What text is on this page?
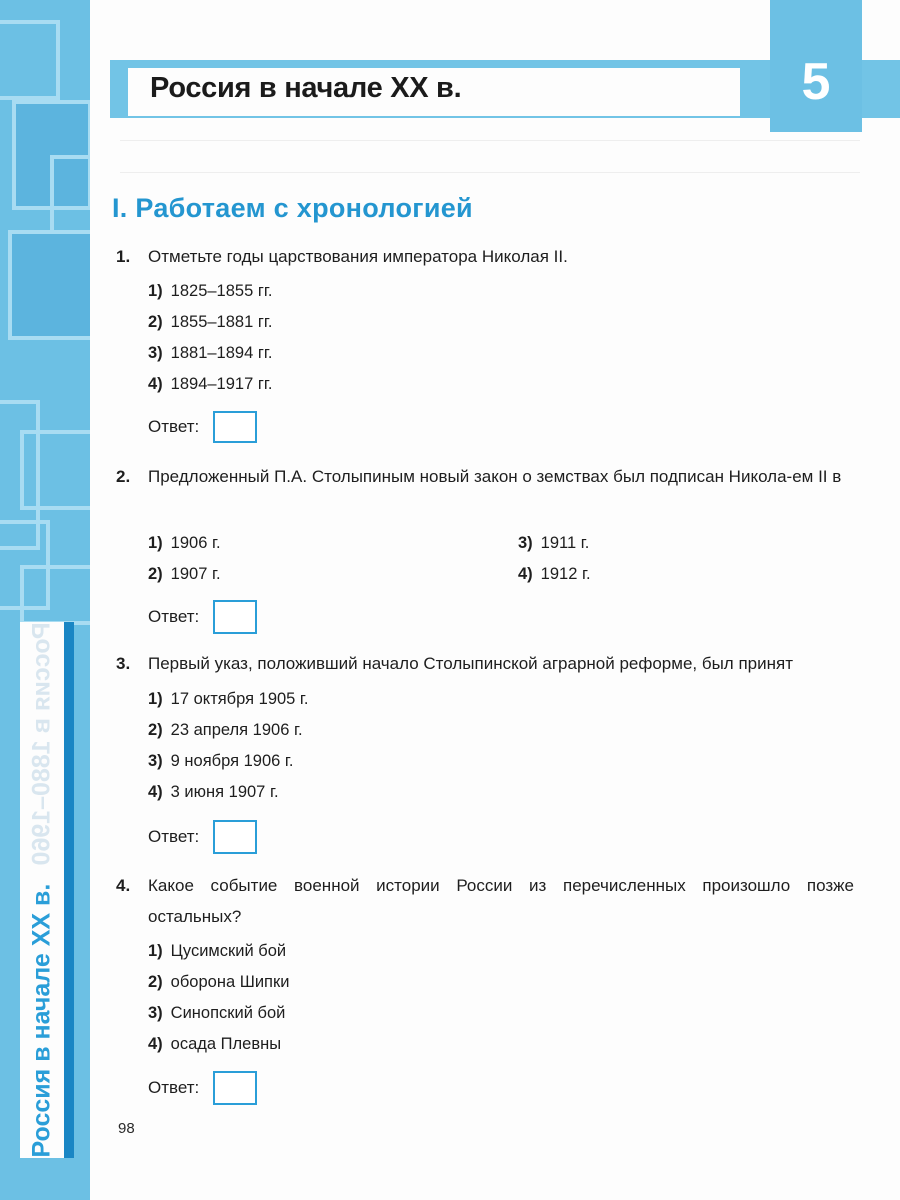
Россия в начале XX в.
Россия в 1880–1960
Россия в начале XX в.	5
I. Работаем с хронологией
1. Отметьте годы царствования императора Николая II.
1) 1825–1855 гг.
2) 1855–1881 гг.
3) 1881–1894 гг.
4) 1894–1917 гг.
Ответ:
2. Предложенный П.А. Столыпиным новый закон о земствах был подписан Никола-ем II в
1) 1906 г.
2) 1907 г.
3) 1911 г.
4) 1912 г.
Ответ:
3. Первый указ, положивший начало Столыпинской аграрной реформе, был принят
1) 17 октября 1905 г.
2) 23 апреля 1906 г.
3) 9 ноября 1906 г.
4) 3 июня 1907 г.
Ответ:
4. Какое событие военной истории России из перечисленных произошло позже остальных?
1) Цусимский бой
2) оборона Шипки
3) Синопский бой
4) осада Плевны
Ответ:
98
